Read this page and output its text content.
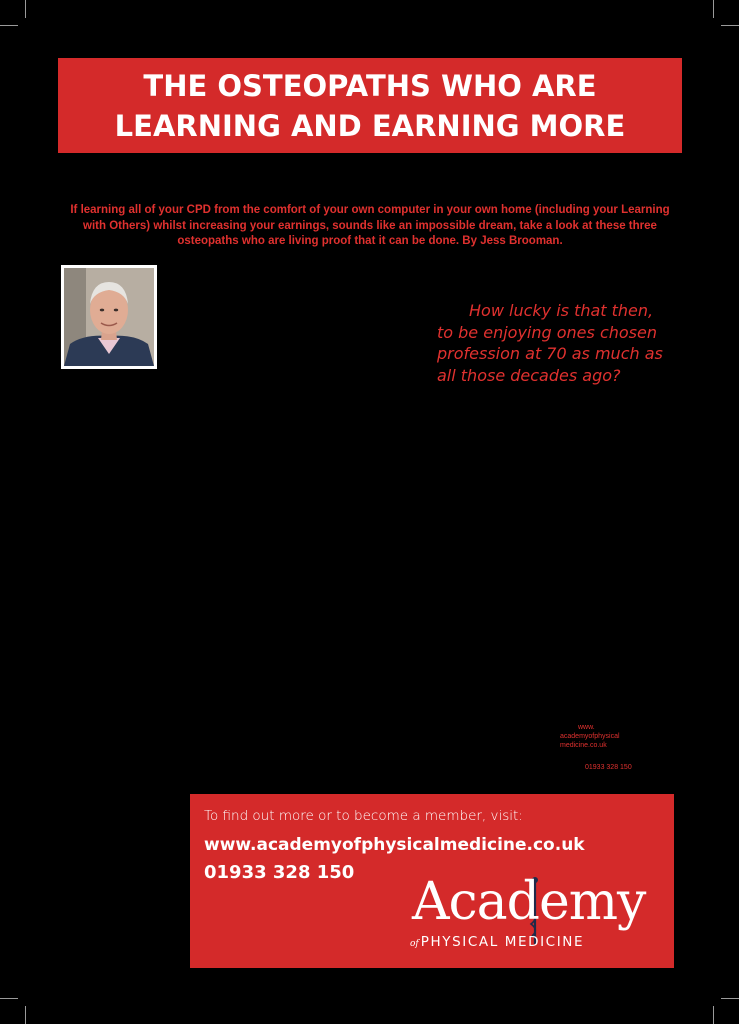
THE OSTEOPATHS WHO ARE
LEARNING AND EARNING MORE
If learning all of your CPD from the comfort of your own computer in your own home (including your Learning with Others) whilst increasing your earnings, sounds like an impossible dream, take a look at these three osteopaths who are living proof that it can be done. By Jess Brooman.
How lucky is that then,
to be enjoying ones chosen
profession at 70 as much as
all those decades ago?
www.
academyofphysical
medicine.co.uk
01933 328 150
To find out more or to become a member, visit:
www.academyofphysicalmedicine.co.uk
01933 328 150 Academy
of PHYSICAL MEDICINE
